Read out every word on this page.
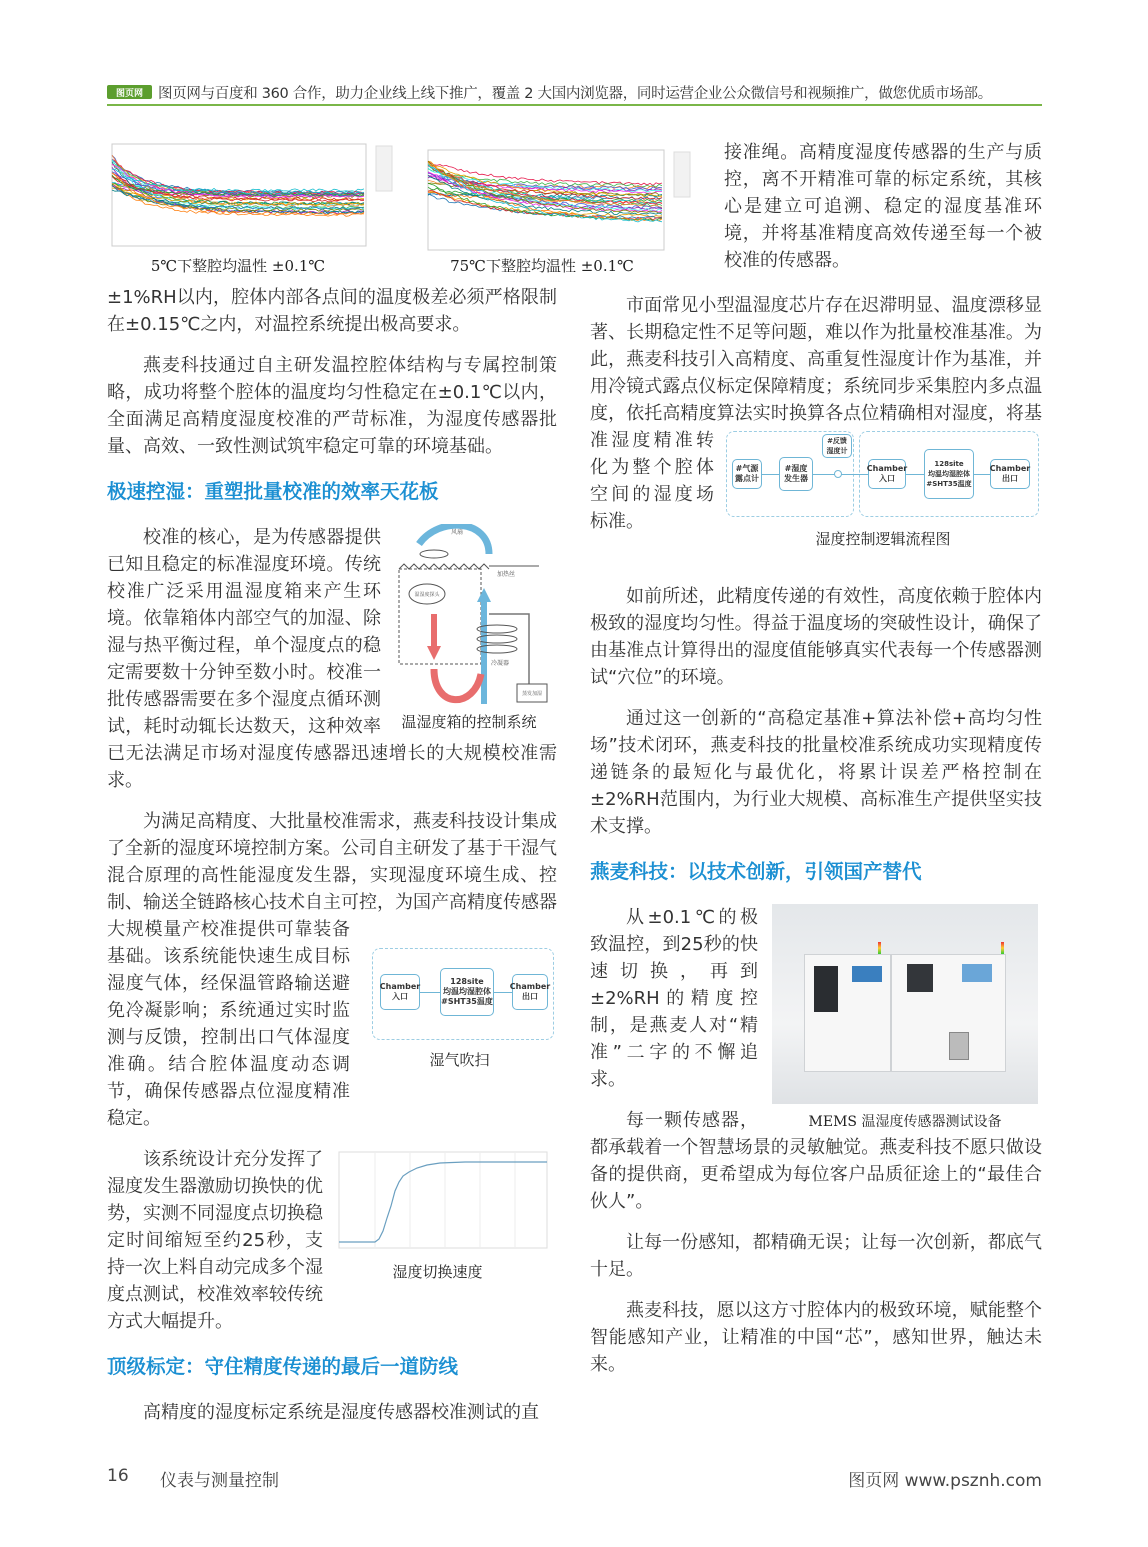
图页网	图页网与百度和 360 合作，助力企业线上线下推广，覆盖 2 大国内浏览器，同时运营企业公众微信号和视频推广，做您优质市场部。
5℃下整腔均温性 ±0.1℃	75℃下整腔均温性 ±0.1℃

±1%RH以内，腔体内部各点间的温度极差必须严格限制在±0.15℃之内，对温控系统提出极高要求。

燕麦科技通过自主研发温控腔体结构与专属控制策略，成功将整个腔体的温度均匀性稳定在±0.1℃以内，全面满足高精度湿度校准的严苛标准，为湿度传感器批量、高效、一致性测试筑牢稳定可靠的环境基础。

极速控湿：重塑批量校准的效率天花板
温湿度探头
风扇
加热丝
冷凝器
蒸发加湿
温湿度箱的控制系统

校准的核心，是为传感器提供已知且稳定的标准湿度环境。传统校准广泛采用温湿度箱来产生环境。依靠箱体内部空气的加湿、除湿与热平衡过程，单个湿度点的稳定需要数十分钟至数小时。校准一批传感器需要在多个湿度点循环测试，耗时动辄长达数天，这种效率已无法满足市场对湿度传感器迅速增长的大规模校准需求。

Chamber
入口
128site
均温均湿腔体
#SHT35温度
Chamber
出口
湿气吹扫

为满足高精度、大批量校准需求，燕麦科技设计集成了全新的湿度环境控制方案。公司自主研发了基于干湿气混合原理的高性能湿度发生器，实现湿度环境生成、控制、输送全链路核心技术自主可控，为国产高精度传感器大规模量产校准提供可靠装备基础。该系统能快速生成目标湿度气体，经保温管路输送避免冷凝影响；系统通过实时监测与反馈，控制出口气体湿度准确。结合腔体温度动态调节，确保传感器点位湿度精准稳定。

湿度切换速度

该系统设计充分发挥了湿度发生器激励切换快的优势，实测不同湿度点切换稳定时间缩短至约25秒，支持一次上料自动完成多个湿度点测试，校准效率较传统方式大幅提升。

顶级标定：守住精度传递的最后一道防线

高精度的湿度标定系统是湿度传感器校准测试的直

接准绳。高精度湿度传感器的生产与质控，离不开精准可靠的标定系统，其核心是建立可追溯、稳定的湿度基准环境，并将基准精度高效传递至每一个被校准的传感器。

#气源
露点计
#湿度
发生器
#反馈
湿度计
Chamber
入口
128site
均温均湿腔体
#SHT35温度
Chamber
出口
湿度控制逻辑流程图

市面常见小型温湿度芯片存在迟滞明显、温度漂移显著、长期稳定性不足等问题，难以作为批量校准基准。为此，燕麦科技引入高精度、高重复性湿度计作为基准，并用冷镜式露点仪标定保障精度；系统同步采集腔内多点温度，依托高精度算法实时换算各点位精确相对湿度，将基准湿度精准转化为整个腔体空间的湿度场标准。

如前所述，此精度传递的有效性，高度依赖于腔体内极致的湿度均匀性。得益于温度场的突破性设计，确保了由基准点计算得出的湿度值能够真实代表每一个传感器测试“穴位”的环境。

通过这一创新的“高稳定基准+算法补偿+高均匀性场”技术闭环，燕麦科技的批量校准系统成功实现精度传递链条的最短化与最优化，将累计误差严格控制在±2%RH范围内，为行业大规模、高标准生产提供坚实技术支撑。

燕麦科技：以技术创新，引领国产替代
MEMS 温湿度传感器测试设备

从±0.1℃的极致温控，到25秒的快速切换，再到±2%RH的精度控制，是燕麦人对“精准”二字的不懈追求。

每一颗传感器，都承载着一个智慧场景的灵敏触觉。燕麦科技不愿只做设备的提供商，更希望成为每位客户品质征途上的“最佳合伙人”。

让每一份感知，都精确无误；让每一次创新，都底气十足。

燕麦科技，愿以这方寸腔体内的极致环境，赋能整个智能感知产业，让精准的中国“芯”，感知世界，触达未来。

16 仪表与测量控制	图页网 www.psznh.com
